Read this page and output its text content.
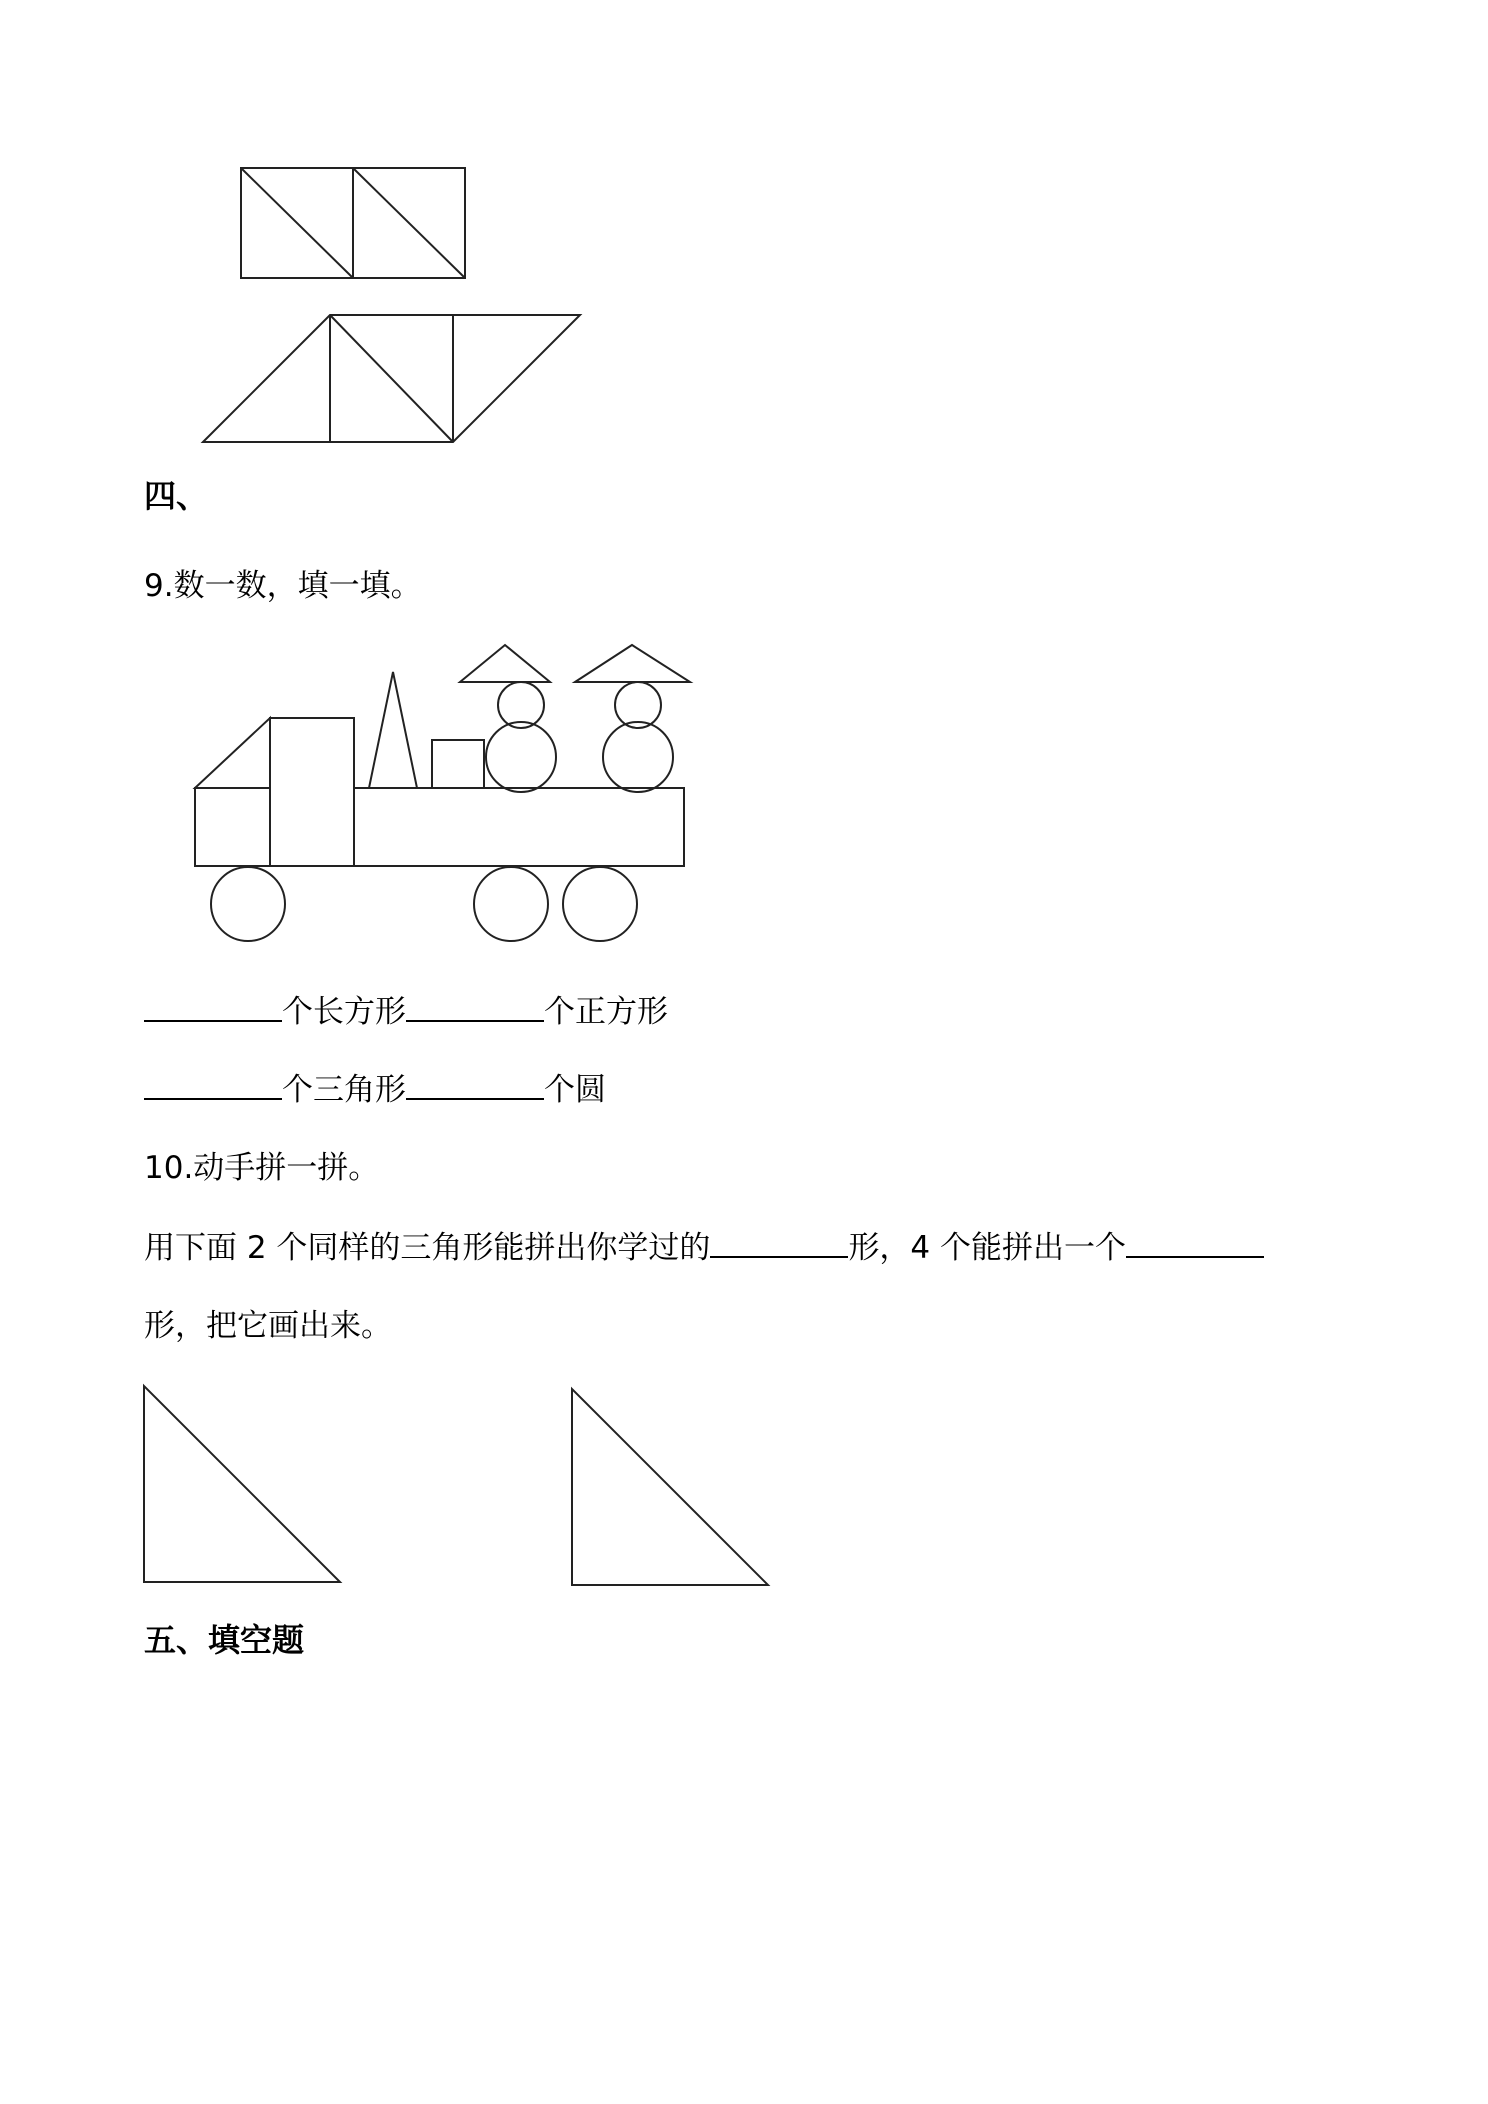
四、
9.数一数，填一填。
个长方形	个正方形
个三角形	个圆
10.动手拼一拼。
用下面 2 个同样的三角形能拼出你学过的	形，4 个能拼出一个
形，把它画出来。
五、填空题
